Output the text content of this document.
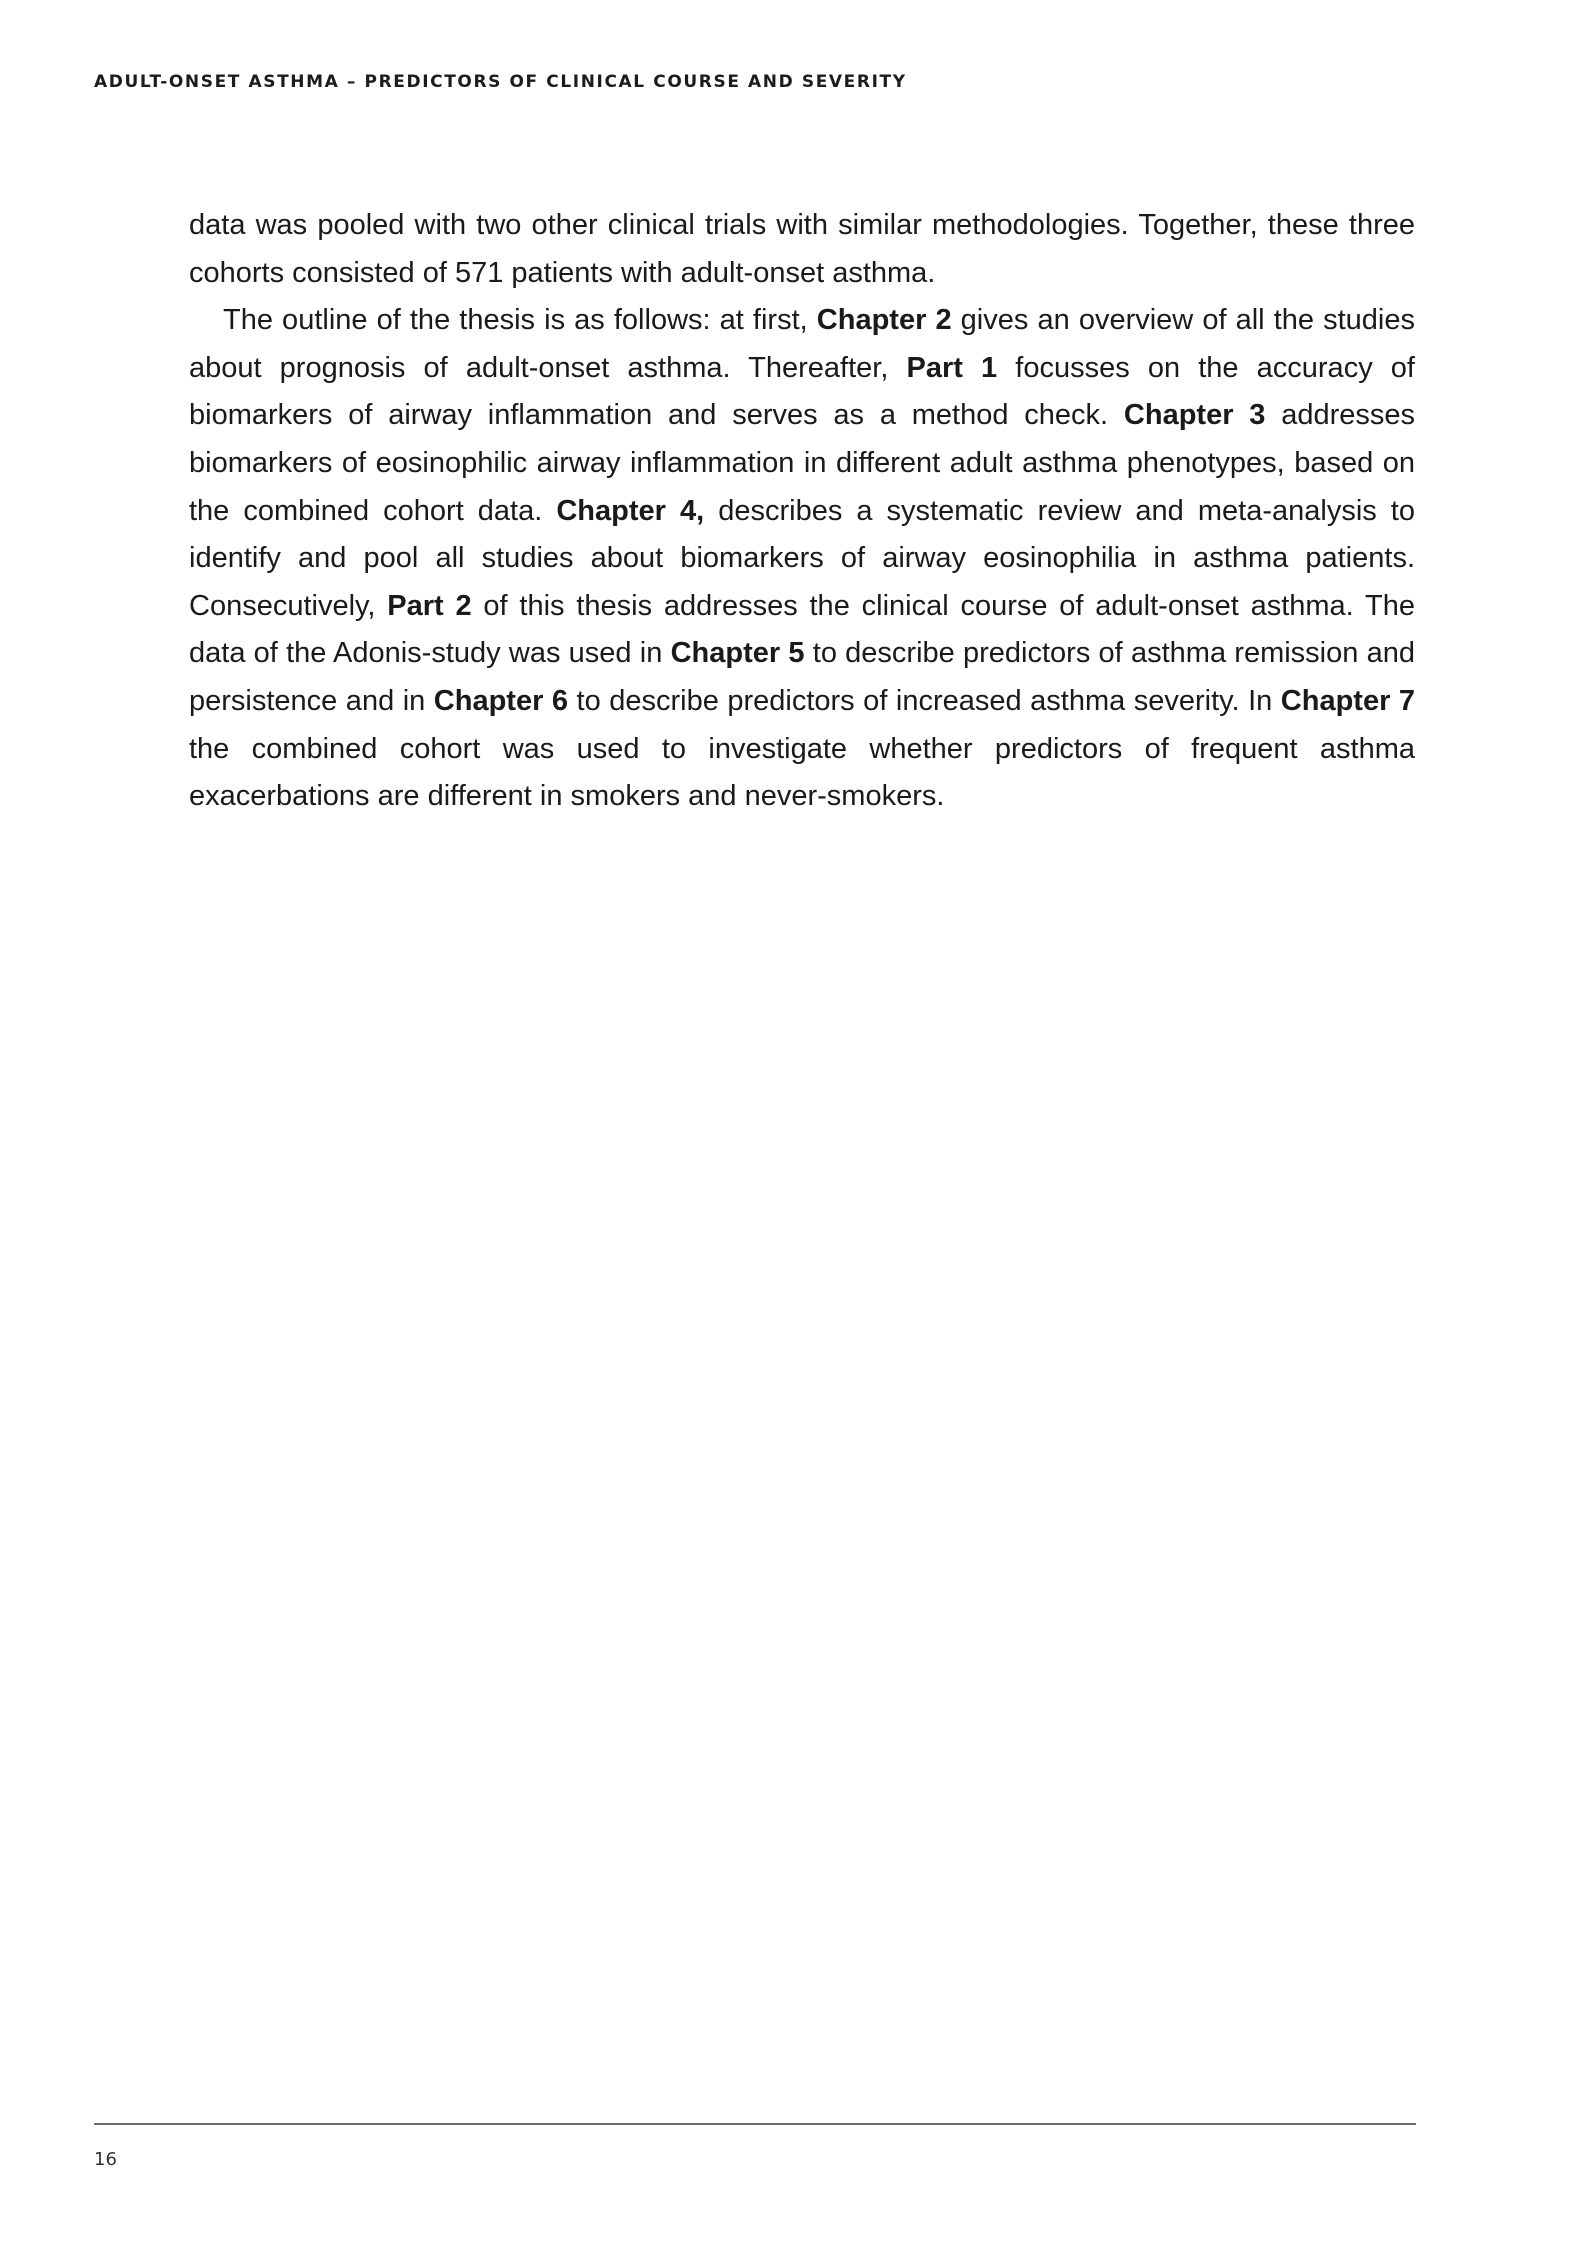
ADULT-ONSET ASTHMA – PREDICTORS OF CLINICAL COURSE AND SEVERITY

data was pooled with two other clinical trials with similar methodologies. Together, these three cohorts consisted of 571 patients with adult-onset asthma.

The outline of the thesis is as follows: at first, Chapter 2 gives an overview of all the studies about prognosis of adult-onset asthma. Thereafter, Part 1 focusses on the accuracy of biomarkers of airway inflammation and serves as a method check. Chapter 3 addresses biomarkers of eosinophilic airway inflammation in different adult asthma phenotypes, based on the combined cohort data. Chapter 4, describes a systematic review and meta-analysis to identify and pool all studies about biomarkers of airway eosinophilia in asthma patients. Consecutively, Part 2 of this thesis addresses the clinical course of adult-onset asthma. The data of the Adonis-study was used in Chapter 5 to describe predictors of asthma remission and persistence and in Chapter 6 to describe predictors of increased asthma severity. In Chapter 7 the combined cohort was used to investigate whether predictors of frequent asthma exacerbations are different in smokers and never-smokers.

16
